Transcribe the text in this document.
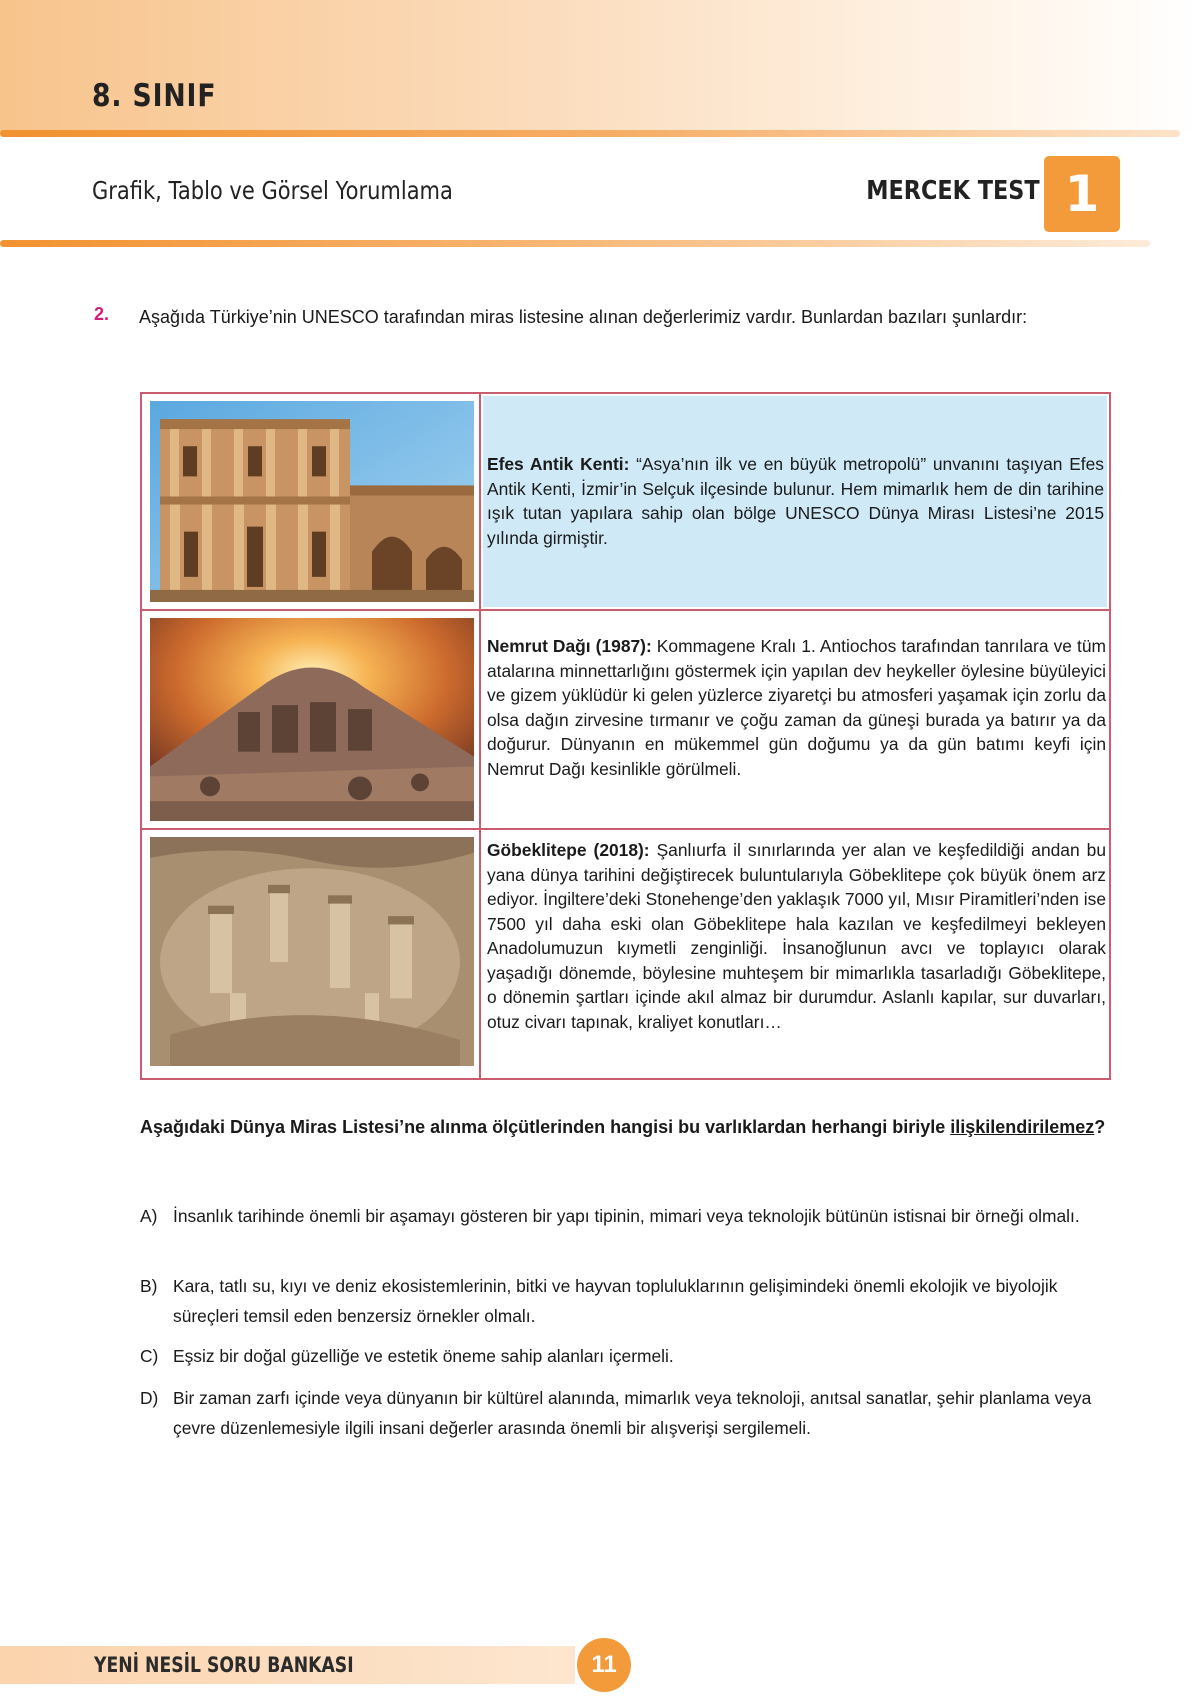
8. SINIF
Grafik, Tablo ve Görsel Yorumlama	MERCEK TEST 1
2. Aşağıda Türkiye’nin UNESCO tarafından miras listesine alınan değerlerimiz vardır. Bunlardan bazıları şunlardır:

Efes Antik Kenti: “Asya’nın ilk ve en büyük metropolü” unvanını taşıyan Efes Antik Kenti, İzmir’in Selçuk ilçesinde bulunur. Hem mimarlık hem de din tarihine ışık tutan yapılara sahip olan bölge UNESCO Dünya Mirası Listesi’ne 2015 yılında girmiştir.

Nemrut Dağı (1987): Kommagene Kralı 1. Antiochos tarafından tanrılara ve tüm atalarına minnettarlığını göstermek için yapılan dev heykeller öylesine büyüleyici ve gizem yüklüdür ki gelen yüzlerce ziyaretçi bu atmosferi yaşamak için zorlu da olsa dağın zirvesine tırmanır ve çoğu zaman da güneşi burada ya batırır ya da doğurur. Dünyanın en mükemmel gün doğumu ya da gün batımı keyfi için Nemrut Dağı kesinlikle görülmeli.

Göbeklitepe (2018): Şanlıurfa il sınırlarında yer alan ve keşfedildiği andan bu yana dünya tarihini değiştirecek buluntularıyla Göbeklitepe çok büyük önem arz ediyor. İngiltere’deki Stonehenge’den yaklaşık 7000 yıl, Mısır Piramitleri’nden ise 7500 yıl daha eski olan Göbeklitepe hala kazılan ve keşfedilmeyi bekleyen Anadolumuzun kıymetli zenginliği. İnsanoğlunun avcı ve toplayıcı olarak yaşadığı dönemde, böylesine muhteşem bir mimarlıkla tasarladığı Göbeklitepe, o dönemin şartları içinde akıl almaz bir durumdur. Aslanlı kapılar, sur duvarları, otuz civarı tapınak, kraliyet konutları…

Aşağıdaki Dünya Miras Listesi’ne alınma ölçütlerinden hangisi bu varlıklardan herhangi biriyle ilişkilendirilemez?

A) İnsanlık tarihinde önemli bir aşamayı gösteren bir yapı tipinin, mimari veya teknolojik bütünün istisnai bir örneği olmalı.
B) Kara, tatlı su, kıyı ve deniz ekosistemlerinin, bitki ve hayvan topluluklarının gelişimindeki önemli ekolojik ve biyolojik süreçleri temsil eden benzersiz örnekler olmalı.
C) Eşsiz bir doğal güzelliğe ve estetik öneme sahip alanları içermeli.
D) Bir zaman zarfı içinde veya dünyanın bir kültürel alanında, mimarlık veya teknoloji, anıtsal sanatlar, şehir planlama veya çevre düzenlemesiyle ilgili insani değerler arasında önemli bir alışverişi sergilemeli.
YENİ NESİL SORU BANKASI	11
